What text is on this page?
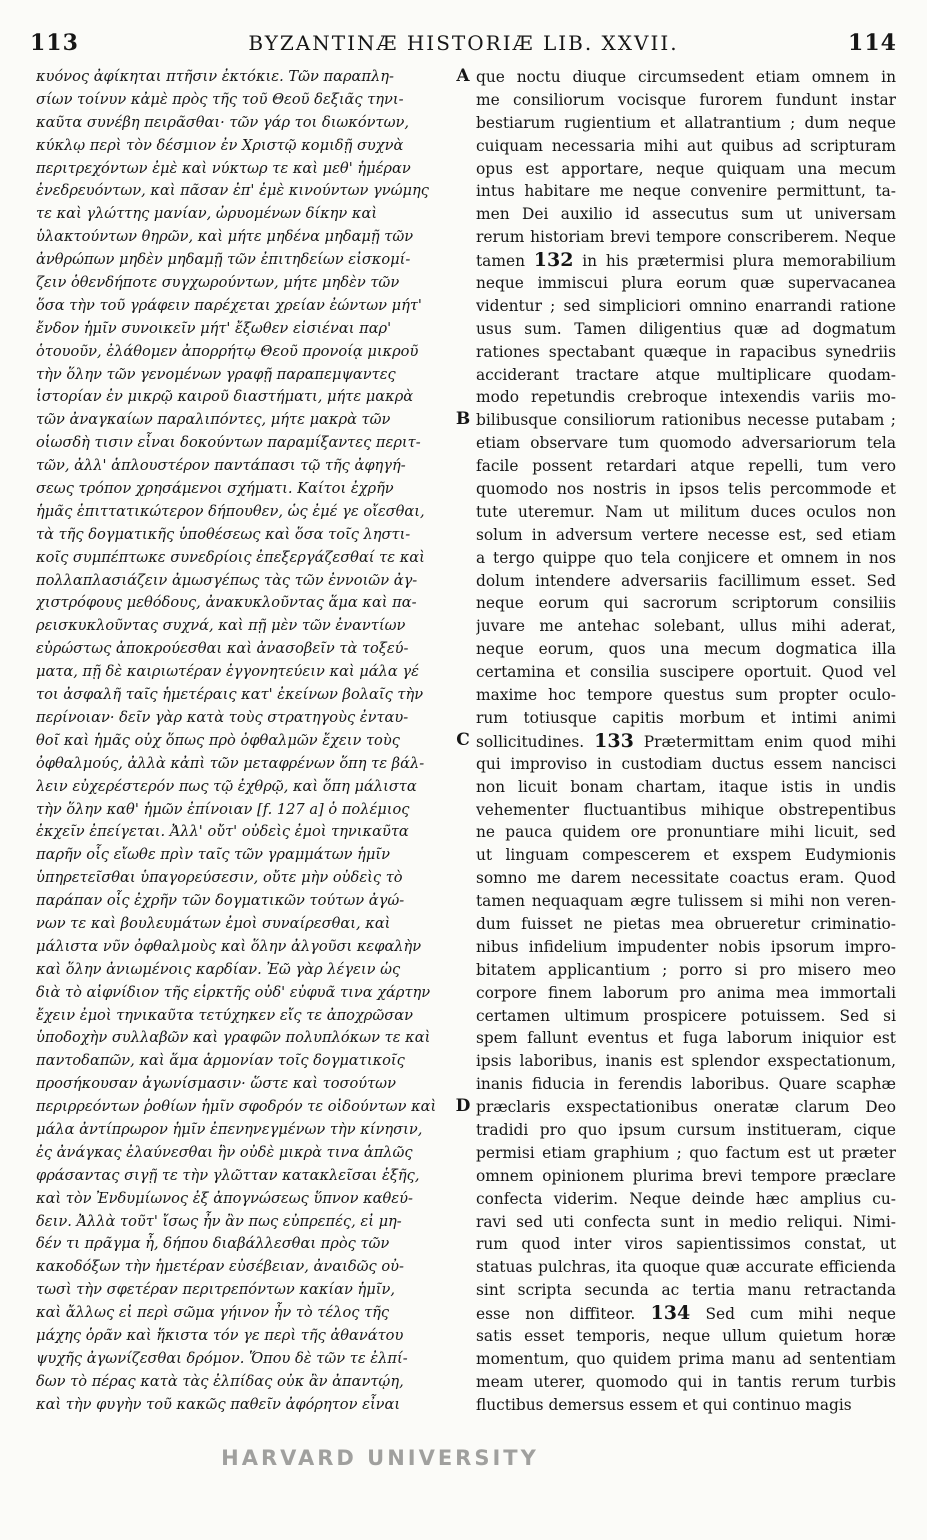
113	BYZANTINÆ HISTORIÆ LIB. XXVII.	114
κυόνος ἀφίκηται πτῆσιν ἐκτόκιε. Τῶν παραπλη-
σίων τοίνυν κἀμὲ πρὸς τῆς τοῦ Θεοῦ δεξιᾶς τηνι-
καῦτα συνέβη πειρᾶσθαι· τῶν γάρ τοι διωκόντων,
κύκλῳ περὶ τὸν δέσμιον ἐν Χριστῷ κομιδῇ συχνὰ
περιτρεχόντων ἐμὲ καὶ νύκτωρ τε καὶ μεθ' ἡμέραν
ἐνεδρευόντων, καὶ πᾶσαν ἐπ' ἐμὲ κινούντων γνώμης
τε καὶ γλώττης μανίαν, ὠρυομένων δίκην καὶ
ὑλακτούντων θηρῶν, καὶ μήτε μηδένα μηδαμῇ τῶν
ἀνθρώπων μηδὲν μηδαμῇ τῶν ἐπιτηδείων εἰσκομί-
ζειν ὁθενδήποτε συγχωρούντων, μήτε μηδὲν τῶν
ὅσα τὴν τοῦ γράφειν παρέχεται χρείαν ἐώντων μήτ'
ἔνδον ἡμῖν συνοικεῖν μήτ' ἔξωθεν εἰσιέναι παρ'
ὁτουοῦν, ἐλάθομεν ἀπορρήτῳ Θεοῦ προνοίᾳ μικροῦ
τὴν ὅλην τῶν γενομένων γραφῇ παραπεμψαντες
ἱστορίαν ἐν μικρῷ καιροῦ διαστήματι, μήτε μακρὰ
τῶν ἀναγκαίων παραλιπόντες, μήτε μακρὰ τῶν
οἱωσδὴ τισιν εἶναι δοκούντων παραμίξαντες περιτ-
τῶν, ἀλλ' ἁπλουστέρον παντάπασι τῷ τῆς ἀφηγή-
σεως τρόπον χρησάμενοι σχήματι. Καίτοι ἐχρῆν
ἡμᾶς ἐπιττατικώτερον δήπουθεν, ὡς ἐμέ γε οἴεσθαι,
τὰ τῆς δογματικῆς ὑποθέσεως καὶ ὅσα τοῖς ληστι-
κοῖς συμπέπτωκε συνεδρίοις ἐπεξεργάζεσθαί τε καὶ
πολλαπλασιάζειν ἀμωσγέπως τὰς τῶν ἐννοιῶν ἀγ-
χιστρόφους μεθόδους, ἀνακυκλοῦντας ἅμα καὶ πα-
ρεισκυκλοῦντας συχνά, καὶ πῇ μὲν τῶν ἐναντίων
εὐρώστως ἀποκρούεσθαι καὶ ἀνασοβεῖν τὰ τοξεύ-
ματα, πῇ δὲ καιριωτέραν ἐγγονητεύειν καὶ μάλα γέ
τοι ἀσφαλῆ ταῖς ἡμετέραις κατ' ἐκείνων βολαῖς τὴν
περίνοιαν· δεῖν γὰρ κατὰ τοὺς στρατηγοὺς ἐνταυ-
θοῖ καὶ ἡμᾶς οὐχ ὅπως πρὸ ὀφθαλμῶν ἔχειν τοὺς
ὀφθαλμούς, ἀλλὰ κἀπὶ τῶν μεταφρένων ὅπη τε βάλ-
λειν εὐχερέστερόν πως τῷ ἐχθρῷ, καὶ ὅπη μάλιστα
τὴν ὅλην καθ' ἡμῶν ἐπίνοιαν [f. 127 a] ὁ πολέμιος
ἐκχεῖν ἐπείγεται. Ἀλλ' οὔτ' οὐδεὶς ἐμοὶ τηνικαῦτα
παρῆν οἷς εἴωθε πρὶν ταῖς τῶν γραμμάτων ἡμῖν
ὑπηρετεῖσθαι ὑπαγορεύσεσιν, οὔτε μὴν οὐδεὶς τὸ
παράπαν οἷς ἐχρῆν τῶν δογματικῶν τούτων ἀγώ-
νων τε καὶ βουλευμάτων ἐμοὶ συναίρεσθαι, καὶ
μάλιστα νῦν ὀφθαλμοὺς καὶ ὅλην ἀλγοῦσι κεφαλὴν
καὶ ὅλην ἀνιωμένοις καρδίαν. Ἐῶ γὰρ λέγειν ὡς
διὰ τὸ αἰφνίδιον τῆς εἱρκτῆς οὐδ' εὐφυᾶ τινα χάρτην
ἔχειν ἐμοὶ τηνικαῦτα τετύχηκεν εἴς τε ἀποχρῶσαν
ὑποδοχὴν συλλαβῶν καὶ γραφῶν πολυπλόκων τε καὶ
παντοδαπῶν, καὶ ἅμα ἁρμονίαν τοῖς δογματικοῖς
προσήκουσαν ἀγωνίσμασιν· ὥστε καὶ τοσούτων
περιρρεόντων ῥοθίων ἡμῖν σφοδρόν τε οἰδούντων καὶ
μάλα ἀντίπρωρον ἡμῖν ἐπενηνεγμένων τὴν κίνησιν,
ἐς ἀνάγκας ἐλαύνεσθαι ἣν οὐδὲ μικρὰ τινα ἁπλῶς
φράσαντας σιγῇ τε τὴν γλῶτταν κατακλεῖσαι ἑξῆς,
καὶ τὸν Ἐνδυμίωνος ἐξ ἀπογνώσεως ὕπνον καθεύ-
δειν. Ἀλλὰ τοῦτ' ἴσως ἦν ἂν πως εὐπρεπές, εἰ μη-
δέν τι πρᾶγμα ἦ, δήπου διαβάλλεσθαι πρὸς τῶν
κακοδόξων τὴν ἡμετέραν εὐσέβειαν, ἀναιδῶς οὐ-
τωσὶ τὴν σφετέραν περιτρεπόντων κακίαν ἡμῖν,
καὶ ἄλλως εἰ περὶ σῶμα γήινον ἦν τὸ τέλος τῆς
μάχης ὁρᾶν καὶ ἥκιστα τόν γε περὶ τῆς ἀθανάτου
ψυχῆς ἀγωνίζεσθαι δρόμον. Ὅπου δὲ τῶν τε ἐλπί-
δων τὸ πέρας κατὰ τὰς ἐλπίδας οὐκ ἂν ἀπαντῴη,
καὶ τὴν φυγὴν τοῦ κακῶς παθεῖν ἀφόρητον εἶναι
A
B
C
D
que noctu diuque circumsedent etiam omnem in
me consiliorum vocisque furorem fundunt instar
bestiarum rugientium et allatrantium ; dum neque
cuiquam necessaria mihi aut quibus ad scripturam
opus est apportare, neque quiquam una mecum
intus habitare me neque convenire permittunt, ta-
men Dei auxilio id assecutus sum ut universam
rerum historiam brevi tempore conscriberem. Neque
tamen 132 in his prætermisi plura memorabilium
neque immiscui plura eorum quæ supervacanea
videntur ; sed simpliciori omnino enarrandi ratione
usus sum. Tamen diligentius quæ ad dogmatum
rationes spectabant quæque in rapacibus synedriis
acciderant tractare atque multiplicare quodam-
modo repetundis crebroque intexendis variis mo-
bilibusque consiliorum rationibus necesse putabam ;
etiam observare tum quomodo adversariorum tela
facile possent retardari atque repelli, tum vero
quomodo nos nostris in ipsos telis percommode et
tute uteremur. Nam ut militum duces oculos non
solum in adversum vertere necesse est, sed etiam
a tergo quippe quo tela conjicere et omnem in nos
dolum intendere adversariis facillimum esset. Sed
neque eorum qui sacrorum scriptorum consiliis
juvare me antehac solebant, ullus mihi aderat,
neque eorum, quos una mecum dogmatica illa
certamina et consilia suscipere oportuit. Quod vel
maxime hoc tempore questus sum propter oculo-
rum totiusque capitis morbum et intimi animi
sollicitudines. 133 Prætermittam enim quod mihi
qui improviso in custodiam ductus essem nancisci
non licuit bonam chartam, itaque istis in undis
vehementer fluctuantibus mihique obstrepentibus
ne pauca quidem ore pronuntiare mihi licuit, sed
ut linguam compescerem et exspem Eudymionis
somno me darem necessitate coactus eram. Quod
tamen nequaquam ægre tulissem si mihi non veren-
dum fuisset ne pietas mea obrueretur criminatio-
nibus infidelium impudenter nobis ipsorum impro-
bitatem applicantium ; porro si pro misero meo
corpore finem laborum pro anima mea immortali
certamen ultimum prospicere potuissem. Sed si
spem fallunt eventus et fuga laborum iniquior est
ipsis laboribus, inanis est splendor exspectationum,
inanis fiducia in ferendis laboribus. Quare scaphæ
præclaris exspectationibus oneratæ clarum Deo
tradidi pro quo ipsum cursum institueram, cique
permisi etiam graphium ; quo factum est ut præter
omnem opinionem plurima brevi tempore præclare
confecta viderim. Neque deinde hæc amplius cu-
ravi sed uti confecta sunt in medio reliqui. Nimi-
rum quod inter viros sapientissimos constat, ut
statuas pulchras, ita quoque quæ accurate efficienda
sint scripta secunda ac tertia manu retractanda
esse non diffiteor. 134 Sed cum mihi neque
satis esset temporis, neque ullum quietum horæ
momentum, quo quidem prima manu ad sententiam
meam uterer, quomodo qui in tantis rerum turbis
fluctibus demersus essem et qui continuo magis
HARVARD UNIVERSITY
